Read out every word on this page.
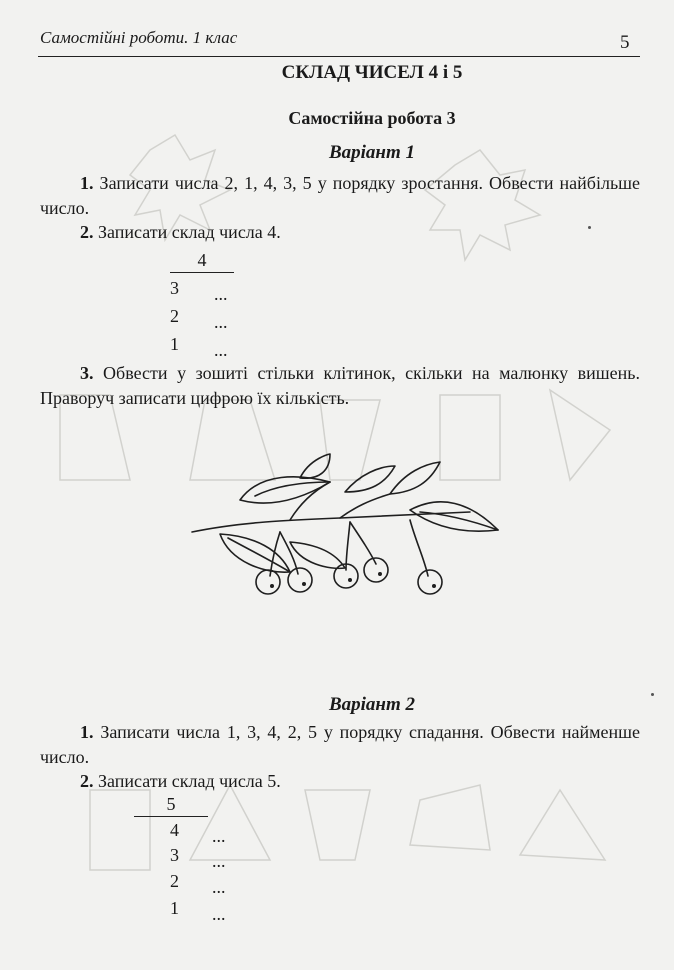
Самостійні роботи. 1 клас	5
СКЛАД ЧИСЕЛ 4 і 5
Самостійна робота 3
Варіант 1
1. Записати числа 2, 1, 4, 3, 5 у порядку зростання. Обвести найбільше число.
2. Записати склад числа 4.
4
3 ...
2 ...
1 ...
3. Обвести у зошиті стільки клітинок, скільки на малюнку вишень. Праворуч записати цифрою їх кількість.
Варіант 2
1. Записати числа 1, 3, 4, 2, 5 у порядку спадання. Обвести найменше число.
2. Записати склад числа 5.
5
4 ...
3 ...
2 ...
1 ...
